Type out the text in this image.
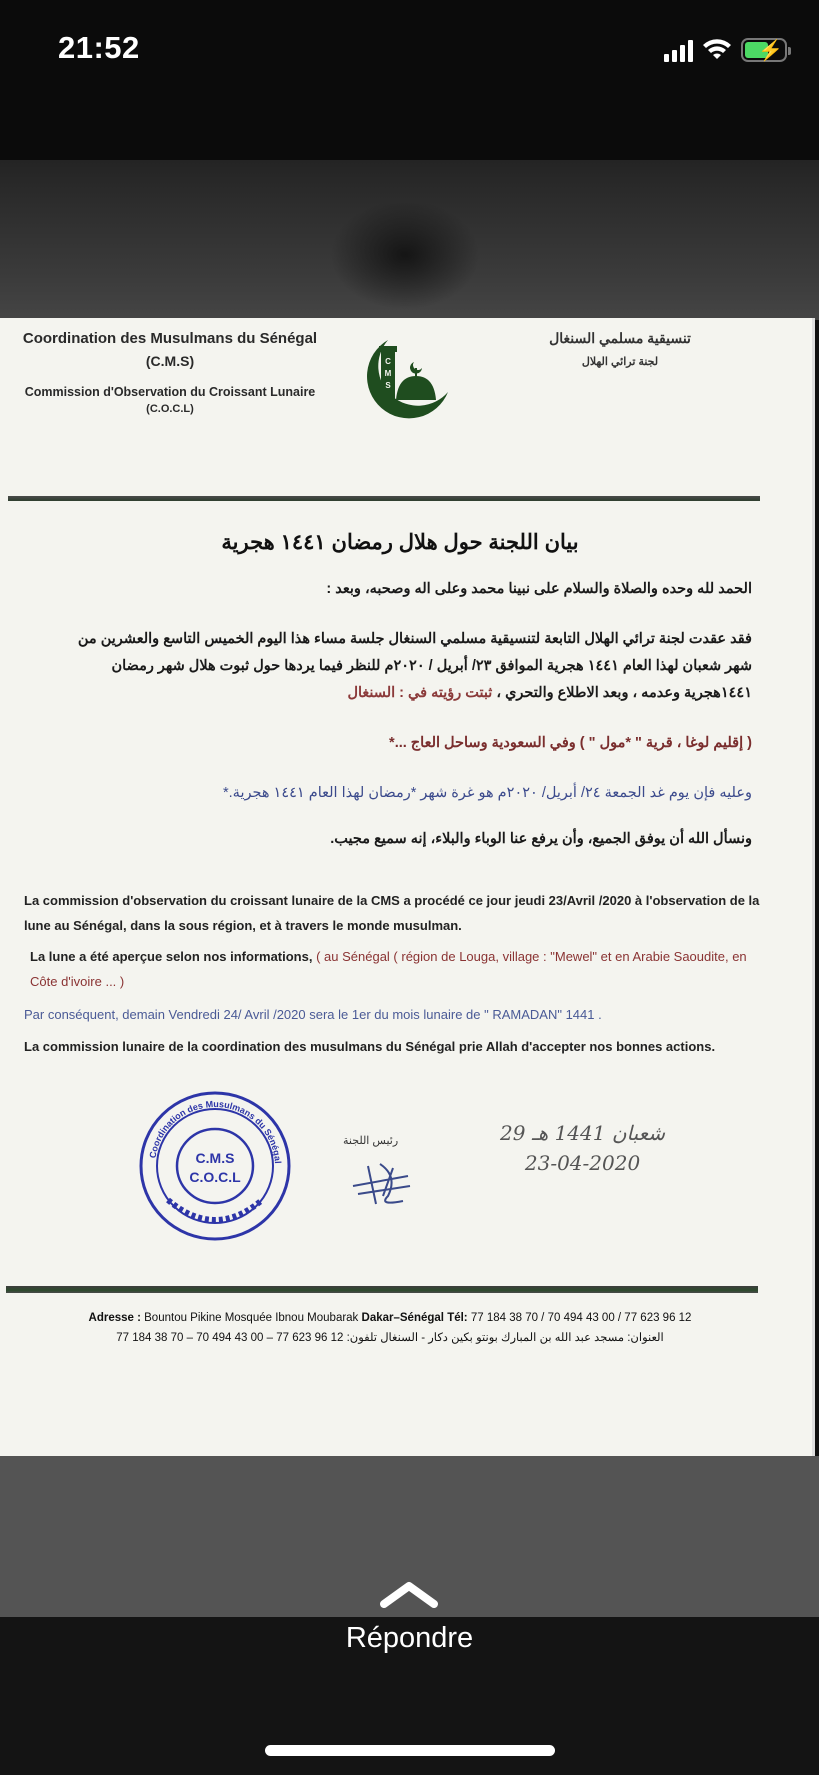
21:52	⚡
Coordination des Musulmans du Sénégal
(C.M.S)
Commission d'Observation du Croissant Lunaire
(C.O.C.L)
C
M
S
تنسيقية مسلمي السنغال
لجنة ترائي الهلال
بيان اللجنة حول هلال رمضان ١٤٤١ هجرية
الحمد لله وحده والصلاة والسلام على نبينا محمد وعلى اله وصحبه، وبعد :
فقد عقدت لجنة ترائي الهلال التابعة لتنسيقية مسلمي السنغال جلسة مساء هذا اليوم الخميس التاسع والعشرين من شهر شعبان لهذا العام ١٤٤١ هجرية الموافق ٢٣/ أبريل / ٢٠٢٠م للنظر فيما يردها حول ثبوت هلال شهر رمضان ١٤٤١هجرية وعدمه ، وبعد الاطلاع والتحري ، ثبتت رؤيته في : السنغال
( إقليم لوغا ، قرية " *مول " ) وفي السعودية وساحل العاج ...*
وعليه فإن يوم غد الجمعة ٢٤/ أبريل/ ٢٠٢٠م هو غرة شهر *رمضان لهذا العام ١٤٤١ هجرية.*
ونسأل الله أن يوفق الجميع، وأن يرفع عنا الوباء والبلاء، إنه سميع مجيب.
La commission d'observation du croissant lunaire de la CMS a procédé ce jour jeudi 23/Avril /2020 à l'observation de la lune au Sénégal, dans la sous région, et à travers le monde musulman.
La lune a été aperçue selon nos informations, ( au Sénégal ( région de Louga, village : "Mewel" et en Arabie Saoudite, en Côte d'ivoire ... )
Par conséquent, demain Vendredi 24/ Avril /2020 sera le 1er du mois lunaire de " RAMADAN" 1441 .
La commission lunaire de la coordination des musulmans du Sénégal prie Allah d'accepter nos bonnes actions.
Coordination des Musulmans du Sénégal
C.M.S
C.O.C.L
رئيس اللجنة	29 شعبان 1441 هـ
23-04-2020
Adresse : Bountou Pikine Mosquée Ibnou Moubarak Dakar–Sénégal Tél: 77 184 38 70 / 70 494 43 00 / 77 623 96 12
العنوان: مسجد عبد الله بن المبارك بونتو بكين دكار - السنغال تلفون: 12 96 623 77 – 00 43 494 70 – 70 38 184 77
Répondre
